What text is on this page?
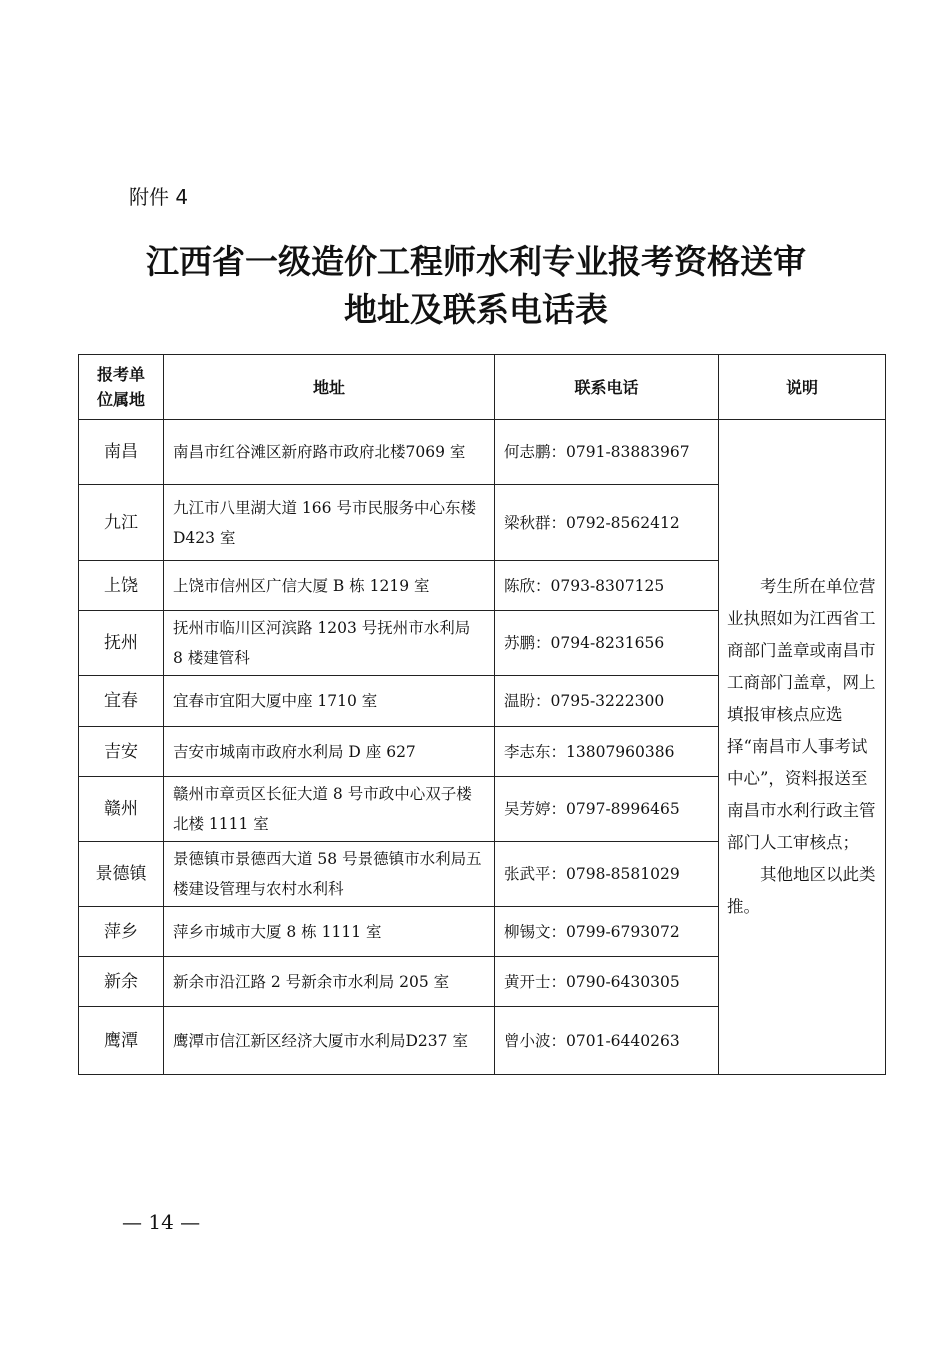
附件 4
江西省一级造价工程师水利专业报考资格送审
地址及联系电话表
报考单
位属地	地址	联系电话	说明
南昌	南昌市红谷滩区新府路市政府北楼7069 室	何志鹏：0791-83883967	考生所在单位营业执照如为江西省工商部门盖章或南昌市工商部门盖章，网上填报审核点应选择“南昌市人事考试中心”，资料报送至南昌市水利行政主管部门人工审核点；

其他地区以此类推。

九江	九江市八里湖大道 166 号市民服务中心东楼 D423 室	梁秋群：0792-8562412	
上饶	上饶市信州区广信大厦 B 栋 1219 室	陈欣：0793-8307125	
抚州	抚州市临川区河滨路 1203 号抚州市水利局 8 楼建管科	苏鹏：0794-8231656	
宜春	宜春市宜阳大厦中座 1710 室	温盼：0795-3222300	
吉安	吉安市城南市政府水利局 D 座 627	李志东：13807960386	
赣州	赣州市章贡区长征大道 8 号市政中心双子楼北楼 1111 室	吴芳婷：0797-8996465	
景德镇	景德镇市景德西大道 58 号景德镇市水利局五楼建设管理与农村水利科	张武平：0798-8581029	
萍乡	萍乡市城市大厦 8 栋 1111 室	柳锡文：0799-6793072	
新余	新余市沿江路 2 号新余市水利局 205 室	黄开士：0790-6430305	
鹰潭	鹰潭市信江新区经济大厦市水利局D237 室	曾小波：0701-6440263	
— 14 —
